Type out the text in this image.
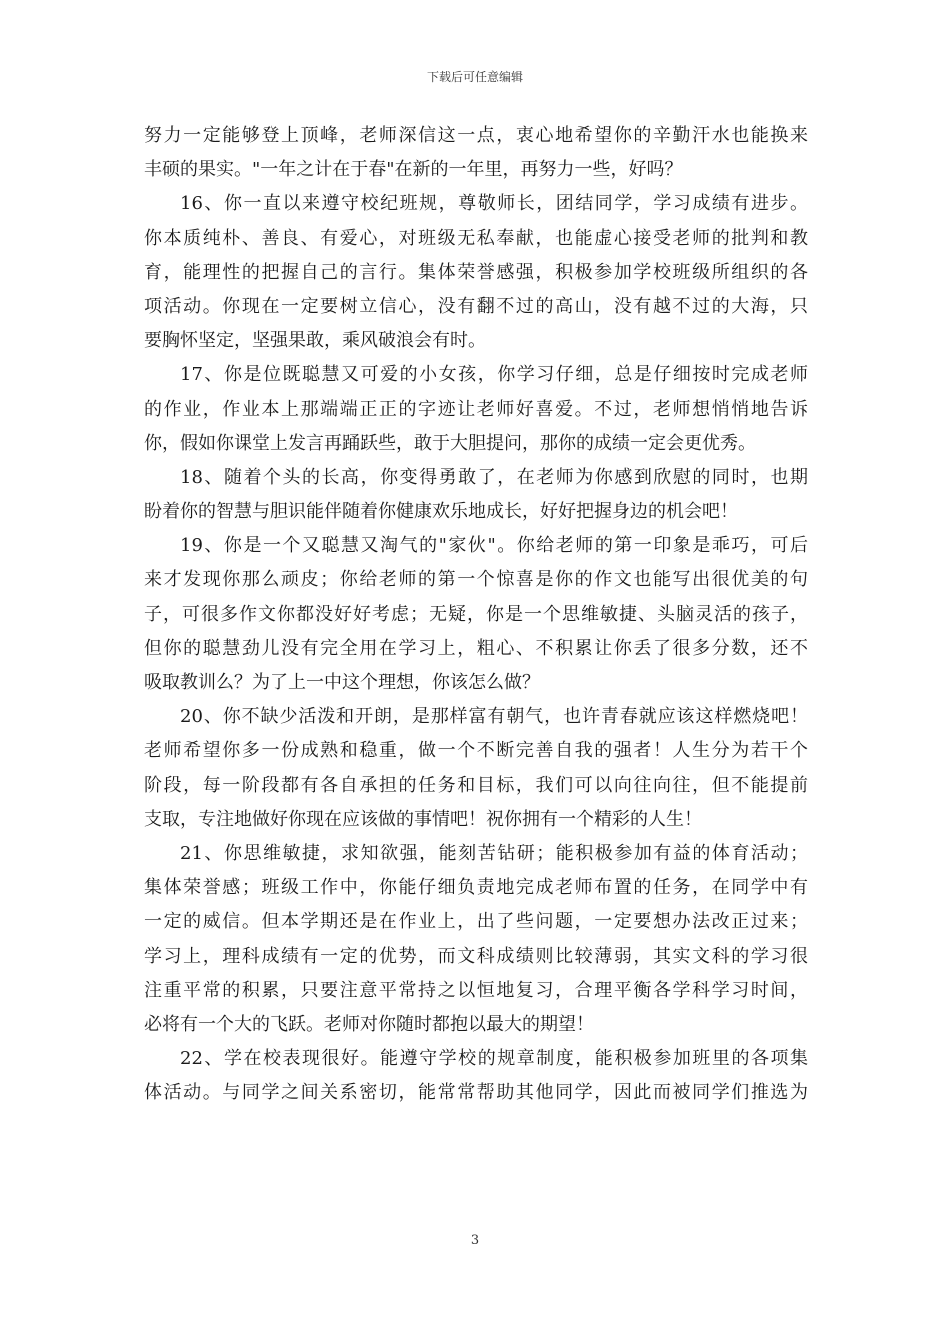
下载后可任意编辑
努力一定能够登上顶峰，老师深信这一点，衷心地希望你的辛勤汗水也能换来
丰硕的果实。"一年之计在于春"在新的一年里，再努力一些，好吗？
16、你一直以来遵守校纪班规，尊敬师长，团结同学，学习成绩有进步。
你本质纯朴、善良、有爱心，对班级无私奉献，也能虚心接受老师的批判和教
育，能理性的把握自己的言行。集体荣誉感强，积极参加学校班级所组织的各
项活动。你现在一定要树立信心，没有翻不过的高山，没有越不过的大海，只
要胸怀坚定，坚强果敢，乘风破浪会有时。
17、你是位既聪慧又可爱的小女孩，你学习仔细，总是仔细按时完成老师
的作业，作业本上那端端正正的字迹让老师好喜爱。不过，老师想悄悄地告诉
你，假如你课堂上发言再踊跃些，敢于大胆提问，那你的成绩一定会更优秀。
18、随着个头的长高，你变得勇敢了，在老师为你感到欣慰的同时，也期
盼着你的智慧与胆识能伴随着你健康欢乐地成长，好好把握身边的机会吧！
19、你是一个又聪慧又淘气的"家伙"。你给老师的第一印象是乖巧，可后
来才发现你那么顽皮；你给老师的第一个惊喜是你的作文也能写出很优美的句
子，可很多作文你都没好好考虑；无疑，你是一个思维敏捷、头脑灵活的孩子，
但你的聪慧劲儿没有完全用在学习上，粗心、不积累让你丢了很多分数，还不
吸取教训么？为了上一中这个理想，你该怎么做？
20、你不缺少活泼和开朗，是那样富有朝气，也许青春就应该这样燃烧吧！
老师希望你多一份成熟和稳重，做一个不断完善自我的强者！人生分为若干个
阶段，每一阶段都有各自承担的任务和目标，我们可以向往向往，但不能提前
支取，专注地做好你现在应该做的事情吧！祝你拥有一个精彩的人生！
21、你思维敏捷，求知欲强，能刻苦钻研；能积极参加有益的体育活动；
集体荣誉感；班级工作中，你能仔细负责地完成老师布置的任务，在同学中有
一定的威信。但本学期还是在作业上，出了些问题，一定要想办法改正过来；
学习上，理科成绩有一定的优势，而文科成绩则比较薄弱，其实文科的学习很
注重平常的积累，只要注意平常持之以恒地复习，合理平衡各学科学习时间，
必将有一个大的飞跃。老师对你随时都抱以最大的期望！
22、学在校表现很好。能遵守学校的规章制度，能积极参加班里的各项集
体活动。与同学之间关系密切，能常常帮助其他同学，因此而被同学们推选为
3
